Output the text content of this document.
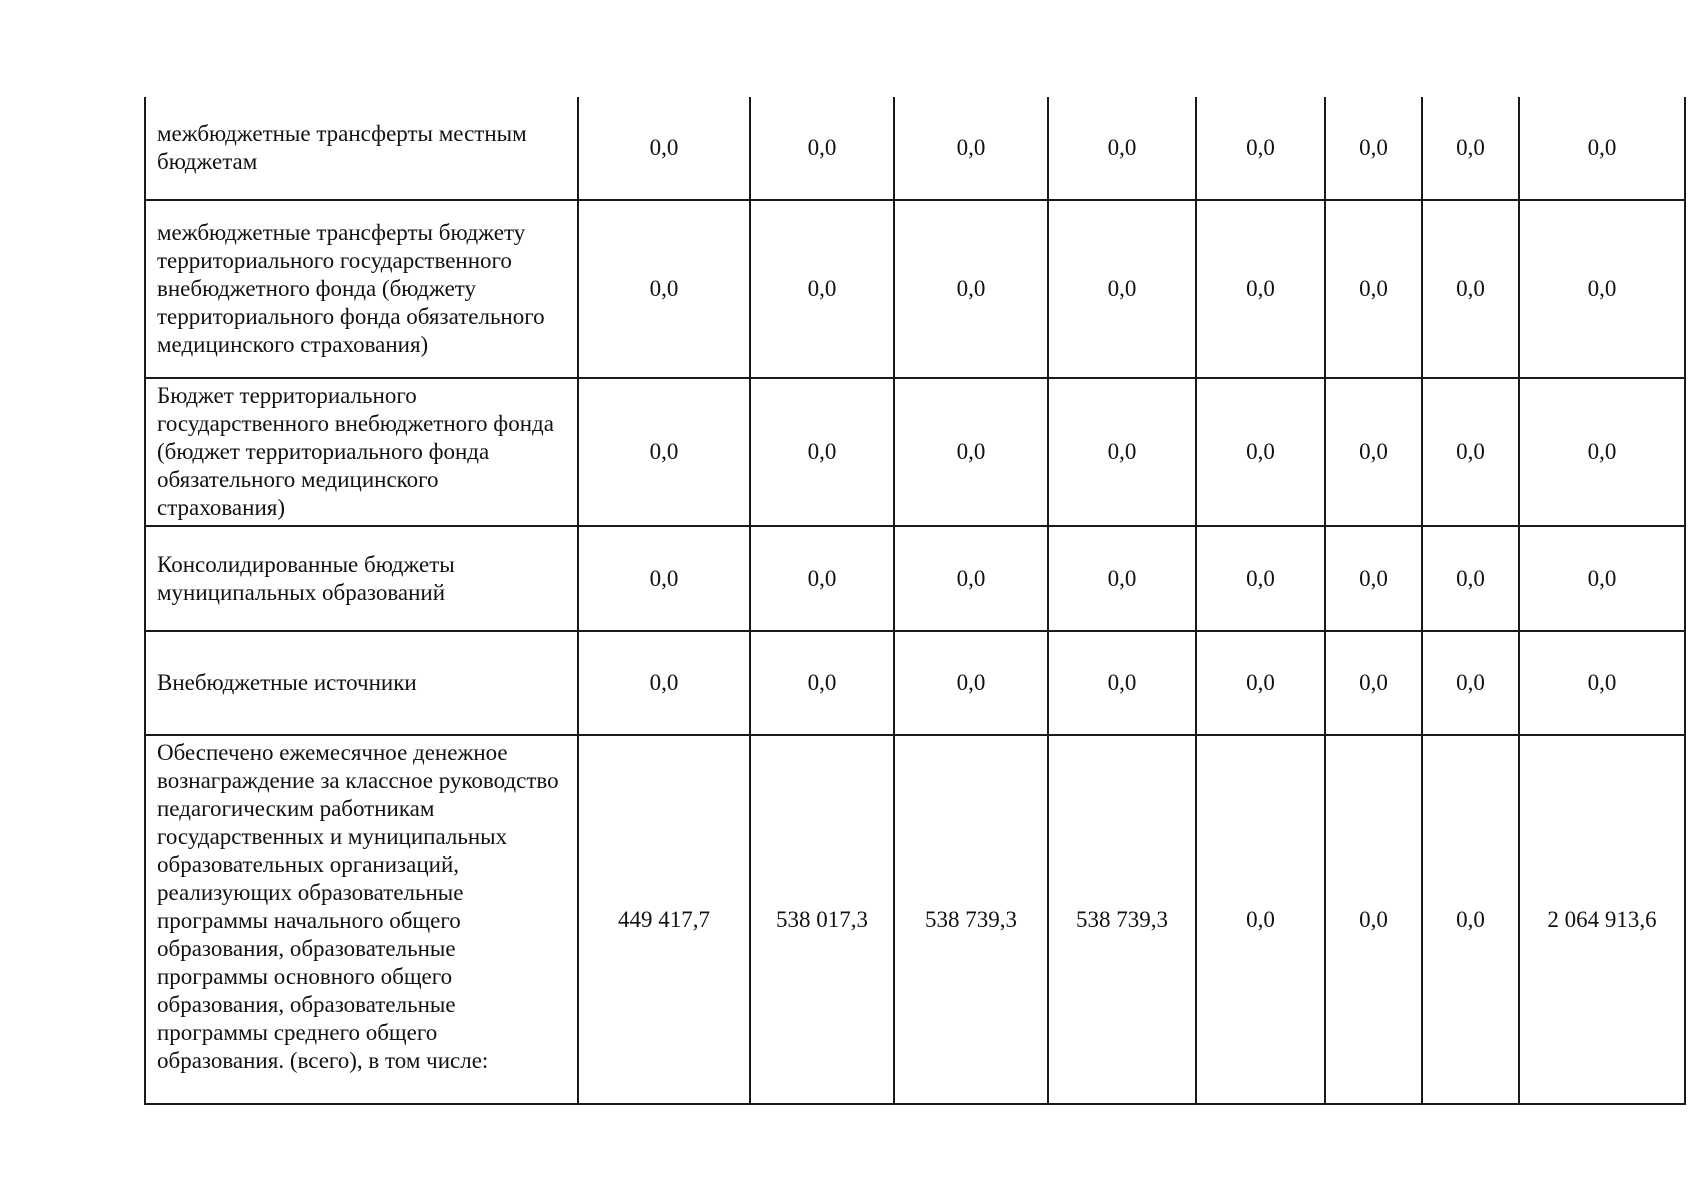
межбюджетные трансферты местным бюджетам	0,0	0,0	0,0	0,0	0,0	0,0	0,0	0,0
межбюджетные трансферты бюджету территориального государственного внебюджетного фонда (бюджету территориального фонда обязательного медицинского страхования)	0,0	0,0	0,0	0,0	0,0	0,0	0,0	0,0
Бюджет территориального государственного внебюджетного фонда (бюджет территориального фонда обязательного медицинского страхования)	0,0	0,0	0,0	0,0	0,0	0,0	0,0	0,0
Консолидированные бюджеты муниципальных образований	0,0	0,0	0,0	0,0	0,0	0,0	0,0	0,0
Внебюджетные источники	0,0	0,0	0,0	0,0	0,0	0,0	0,0	0,0
Обеспечено ежемесячное денежное вознаграждение за классное руководство педагогическим работникам государственных и муниципальных образовательных организаций, реализующих образовательные программы начального общего образования, образовательные программы основного общего образования, образовательные программы среднего общего образования. (всего), в том числе:	449 417,7	538 017,3	538 739,3	538 739,3	0,0	0,0	0,0	2 064 913,6
